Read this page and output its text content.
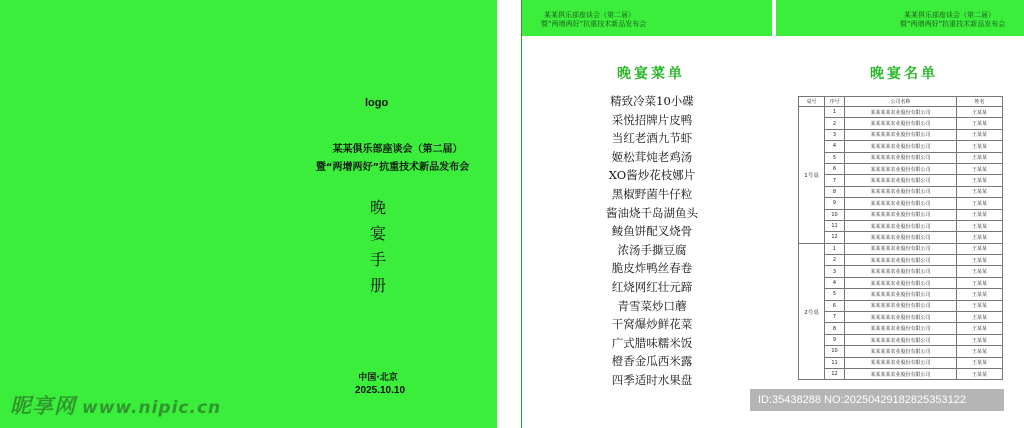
logo
某某俱乐部座谈会（第二届）
暨“两增两好”抗重技术新品发布会
晚
宴
手
册
中国·北京
2025.10.10
昵享网 www.nipic.cn
某某俱乐部座谈会（第二届）
暨“两增两好”抗重技术新品发布会
某某俱乐部座谈会（第二届）
暨“两增两好”抗重技术新品发布会
晚宴菜单
精致冷菜10小碟
采悦招牌片皮鸭
当红老酒九节虾
姬松茸炖老鸡汤
XO酱炒花枝娜片
黑椒野菌牛仔粒
酱油烧千岛湖鱼头
鲮鱼饼配叉烧骨
浓汤手撕豆腐
脆皮炸鸭丝春卷
红烧网红壮元蹄
青雪菜炒口蘑
干窝爆炒鲜花菜
广式腊味糯米饭
橙香金瓜西米露
四季适时水果盘
晚宴名单
桌号	序号	公司名称	姓名
1号桌	1	某某某某农业股份有限公司	王某某
	2	某某某某农业股份有限公司	王某某
	3	某某某某农业股份有限公司	王某某
	4	某某某某农业股份有限公司	王某某
	5	某某某某农业股份有限公司	王某某
	6	某某某某农业股份有限公司	王某某
	7	某某某某农业股份有限公司	王某某
	8	某某某某农业股份有限公司	王某某
	9	某某某某农业股份有限公司	王某某
	10	某某某某农业股份有限公司	王某某
	11	某某某某农业股份有限公司	王某某
	12	某某某某农业股份有限公司	王某某
2号桌	1	某某某某农业股份有限公司	王某某
	2	某某某某农业股份有限公司	王某某
	3	某某某某农业股份有限公司	王某某
	4	某某某某农业股份有限公司	王某某
	5	某某某某农业股份有限公司	王某某
	6	某某某某农业股份有限公司	王某某
	7	某某某某农业股份有限公司	王某某
	8	某某某某农业股份有限公司	王某某
	9	某某某某农业股份有限公司	王某某
	10	某某某某农业股份有限公司	王某某
	11	某某某某农业股份有限公司	王某某
	12	某某某某农业股份有限公司	王某某
ID:35438288 NO:20250429182825353122
